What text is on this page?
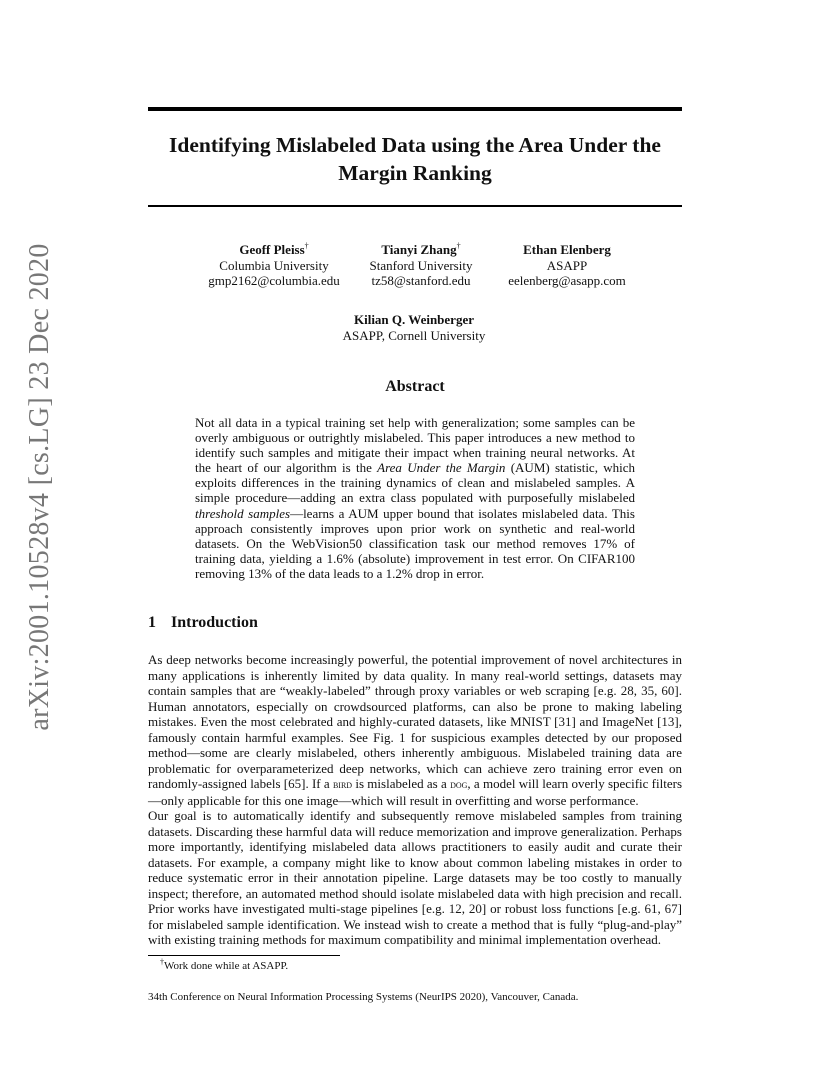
arXiv:2001.10528v4 [cs.LG] 23 Dec 2020
Identifying Mislabeled Data using the Area Under the
Margin Ranking
Geoff Pleiss†
Columbia University
gmp2162@columbia.edu
Tianyi Zhang†
Stanford University
tz58@stanford.edu
Ethan Elenberg
ASAPP
eelenberg@asapp.com
Kilian Q. Weinberger
ASAPP, Cornell University
Abstract

Not all data in a typical training set help with generalization; some samples can be overly ambiguous or outrightly mislabeled. This paper introduces a new method to identify such samples and mitigate their impact when training neural networks. At the heart of our algorithm is the Area Under the Margin (AUM) statistic, which exploits differences in the training dynamics of clean and mislabeled samples. A simple procedure—adding an extra class populated with purposefully mislabeled threshold samples—learns a AUM upper bound that isolates mislabeled data. This approach consistently improves upon prior work on synthetic and real-world datasets. On the WebVision50 classification task our method removes 17% of training data, yielding a 1.6% (absolute) improvement in test error. On CIFAR100 removing 13% of the data leads to a 1.2% drop in error.

1 Introduction

As deep networks become increasingly powerful, the potential improvement of novel architectures in many applications is inherently limited by data quality. In many real-world settings, datasets may contain samples that are “weakly-labeled” through proxy variables or web scraping [e.g. 28, 35, 60]. Human annotators, especially on crowdsourced platforms, can also be prone to making labeling mistakes. Even the most celebrated and highly-curated datasets, like MNIST [31] and ImageNet [13], famously contain harmful examples. See Fig. 1 for suspicious examples detected by our proposed method—some are clearly mislabeled, others inherently ambiguous. Mislabeled training data are problematic for overparameterized deep networks, which can achieve zero training error even on randomly-assigned labels [65]. If a bird is mislabeled as a dog, a model will learn overly specific filters—only applicable for this one image—which will result in overfitting and worse performance.

Our goal is to automatically identify and subsequently remove mislabeled samples from training datasets. Discarding these harmful data will reduce memorization and improve generalization. Perhaps more importantly, identifying mislabeled data allows practitioners to easily audit and curate their datasets. For example, a company might like to know about common labeling mistakes in order to reduce systematic error in their annotation pipeline. Large datasets may be too costly to manually inspect; therefore, an automated method should isolate mislabeled data with high precision and recall. Prior works have investigated multi-stage pipelines [e.g. 12, 20] or robust loss functions [e.g. 61, 67] for mislabeled sample identification. We instead wish to create a method that is fully “plug-and-play” with existing training methods for maximum compatibility and minimal implementation overhead.

†Work done while at ASAPP.
34th Conference on Neural Information Processing Systems (NeurIPS 2020), Vancouver, Canada.
